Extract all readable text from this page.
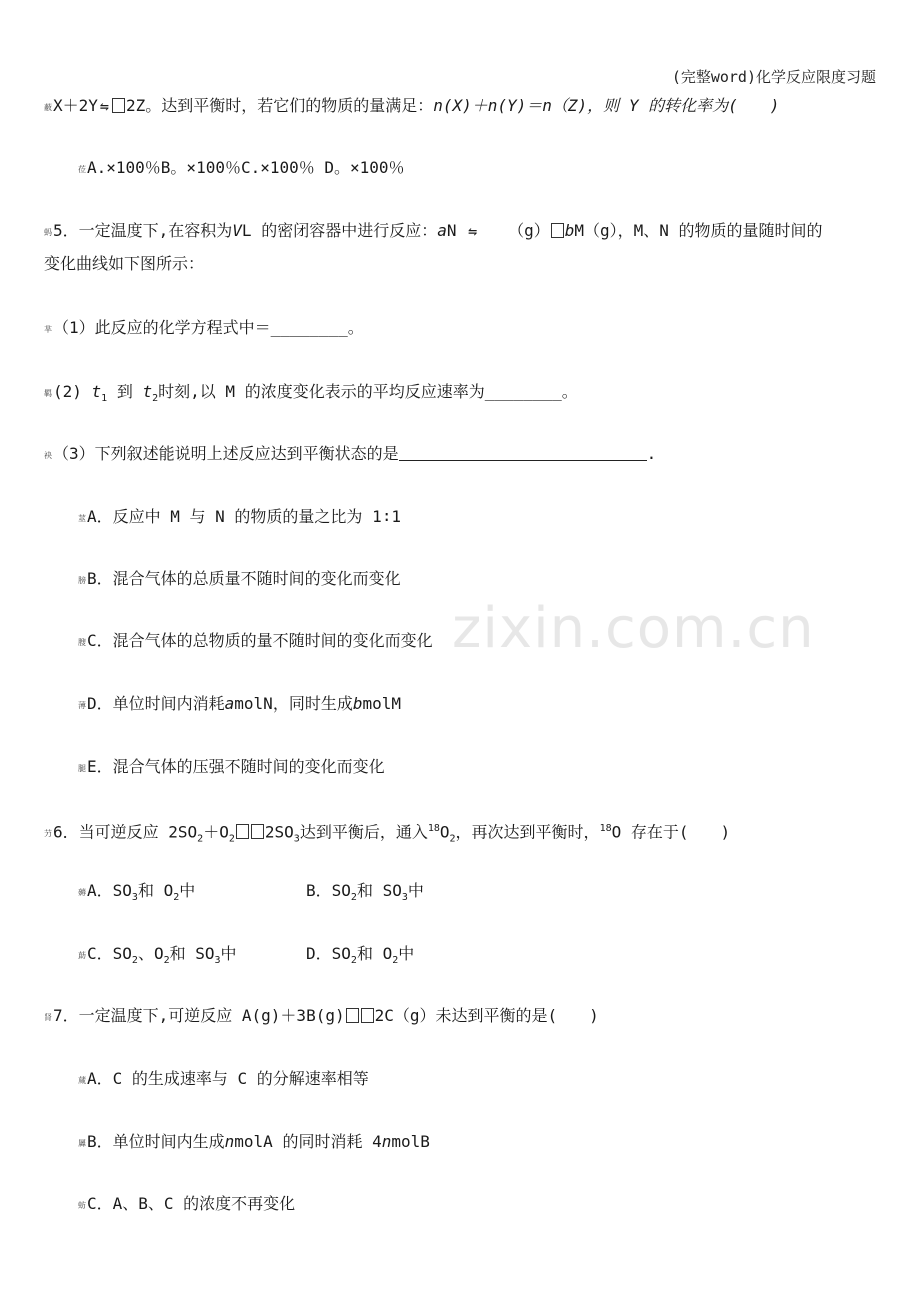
(完整word)化学反应限度习题
zixin.com.cn
蔽X＋2Y ⇋ 2Z。达到平衡时，若它们的物质的量满足：n(X)＋n(Y)＝n（Z)，则 Y 的转化率为(　　)
莅A.×100％B。×100％C.×100％ D。×100％
蚂5．一定温度下,在容积为VL 的密闭容器中进行反应：aN ⇋ （g） bM（g），M、N 的物质的量随时间的
变化曲线如下图所示：
芈（1）此反应的化学方程式中＝________。
羁(2) $t_1$ 到 $t_2$时刻,以 M 的浓度变化表示的平均反应速率为________。
袂（3）下列叙述能说明上述反应达到平衡状态的是	.
莁A．反应中 M 与 N 的物质的量之比为 1∶1
膀B．混合气体的总质量不随时间的变化而变化
膄C．混合气体的总物质的量不随时间的变化而变化
薄D．单位时间内消耗amolN，同时生成bmolM
腿E．混合气体的压强不随时间的变化而变化
芀6．当可逆反应 $2SO_2+O_2$ $2SO_3$达到平衡后，通入$^{18}O_2$，再次达到平衡时，$^{18}$O 存在于(　　)
薅A．$SO_3$和 $O_2$中	B．$SO_2$和 $SO_3$中
莇C．$SO_2$、$O_2$和 $SO_3$中	D．$SO_2$和 $O_2$中
肾7．一定温度下,可逆反应 A(g)＋3B(g) 2C（g）未达到平衡的是(　　)
蒇A．C 的生成速率与 C 的分解速率相等
羼B．单位时间内生成nmolA 的同时消耗 4nmolB
蚄C．A、B、C 的浓度不再变化
